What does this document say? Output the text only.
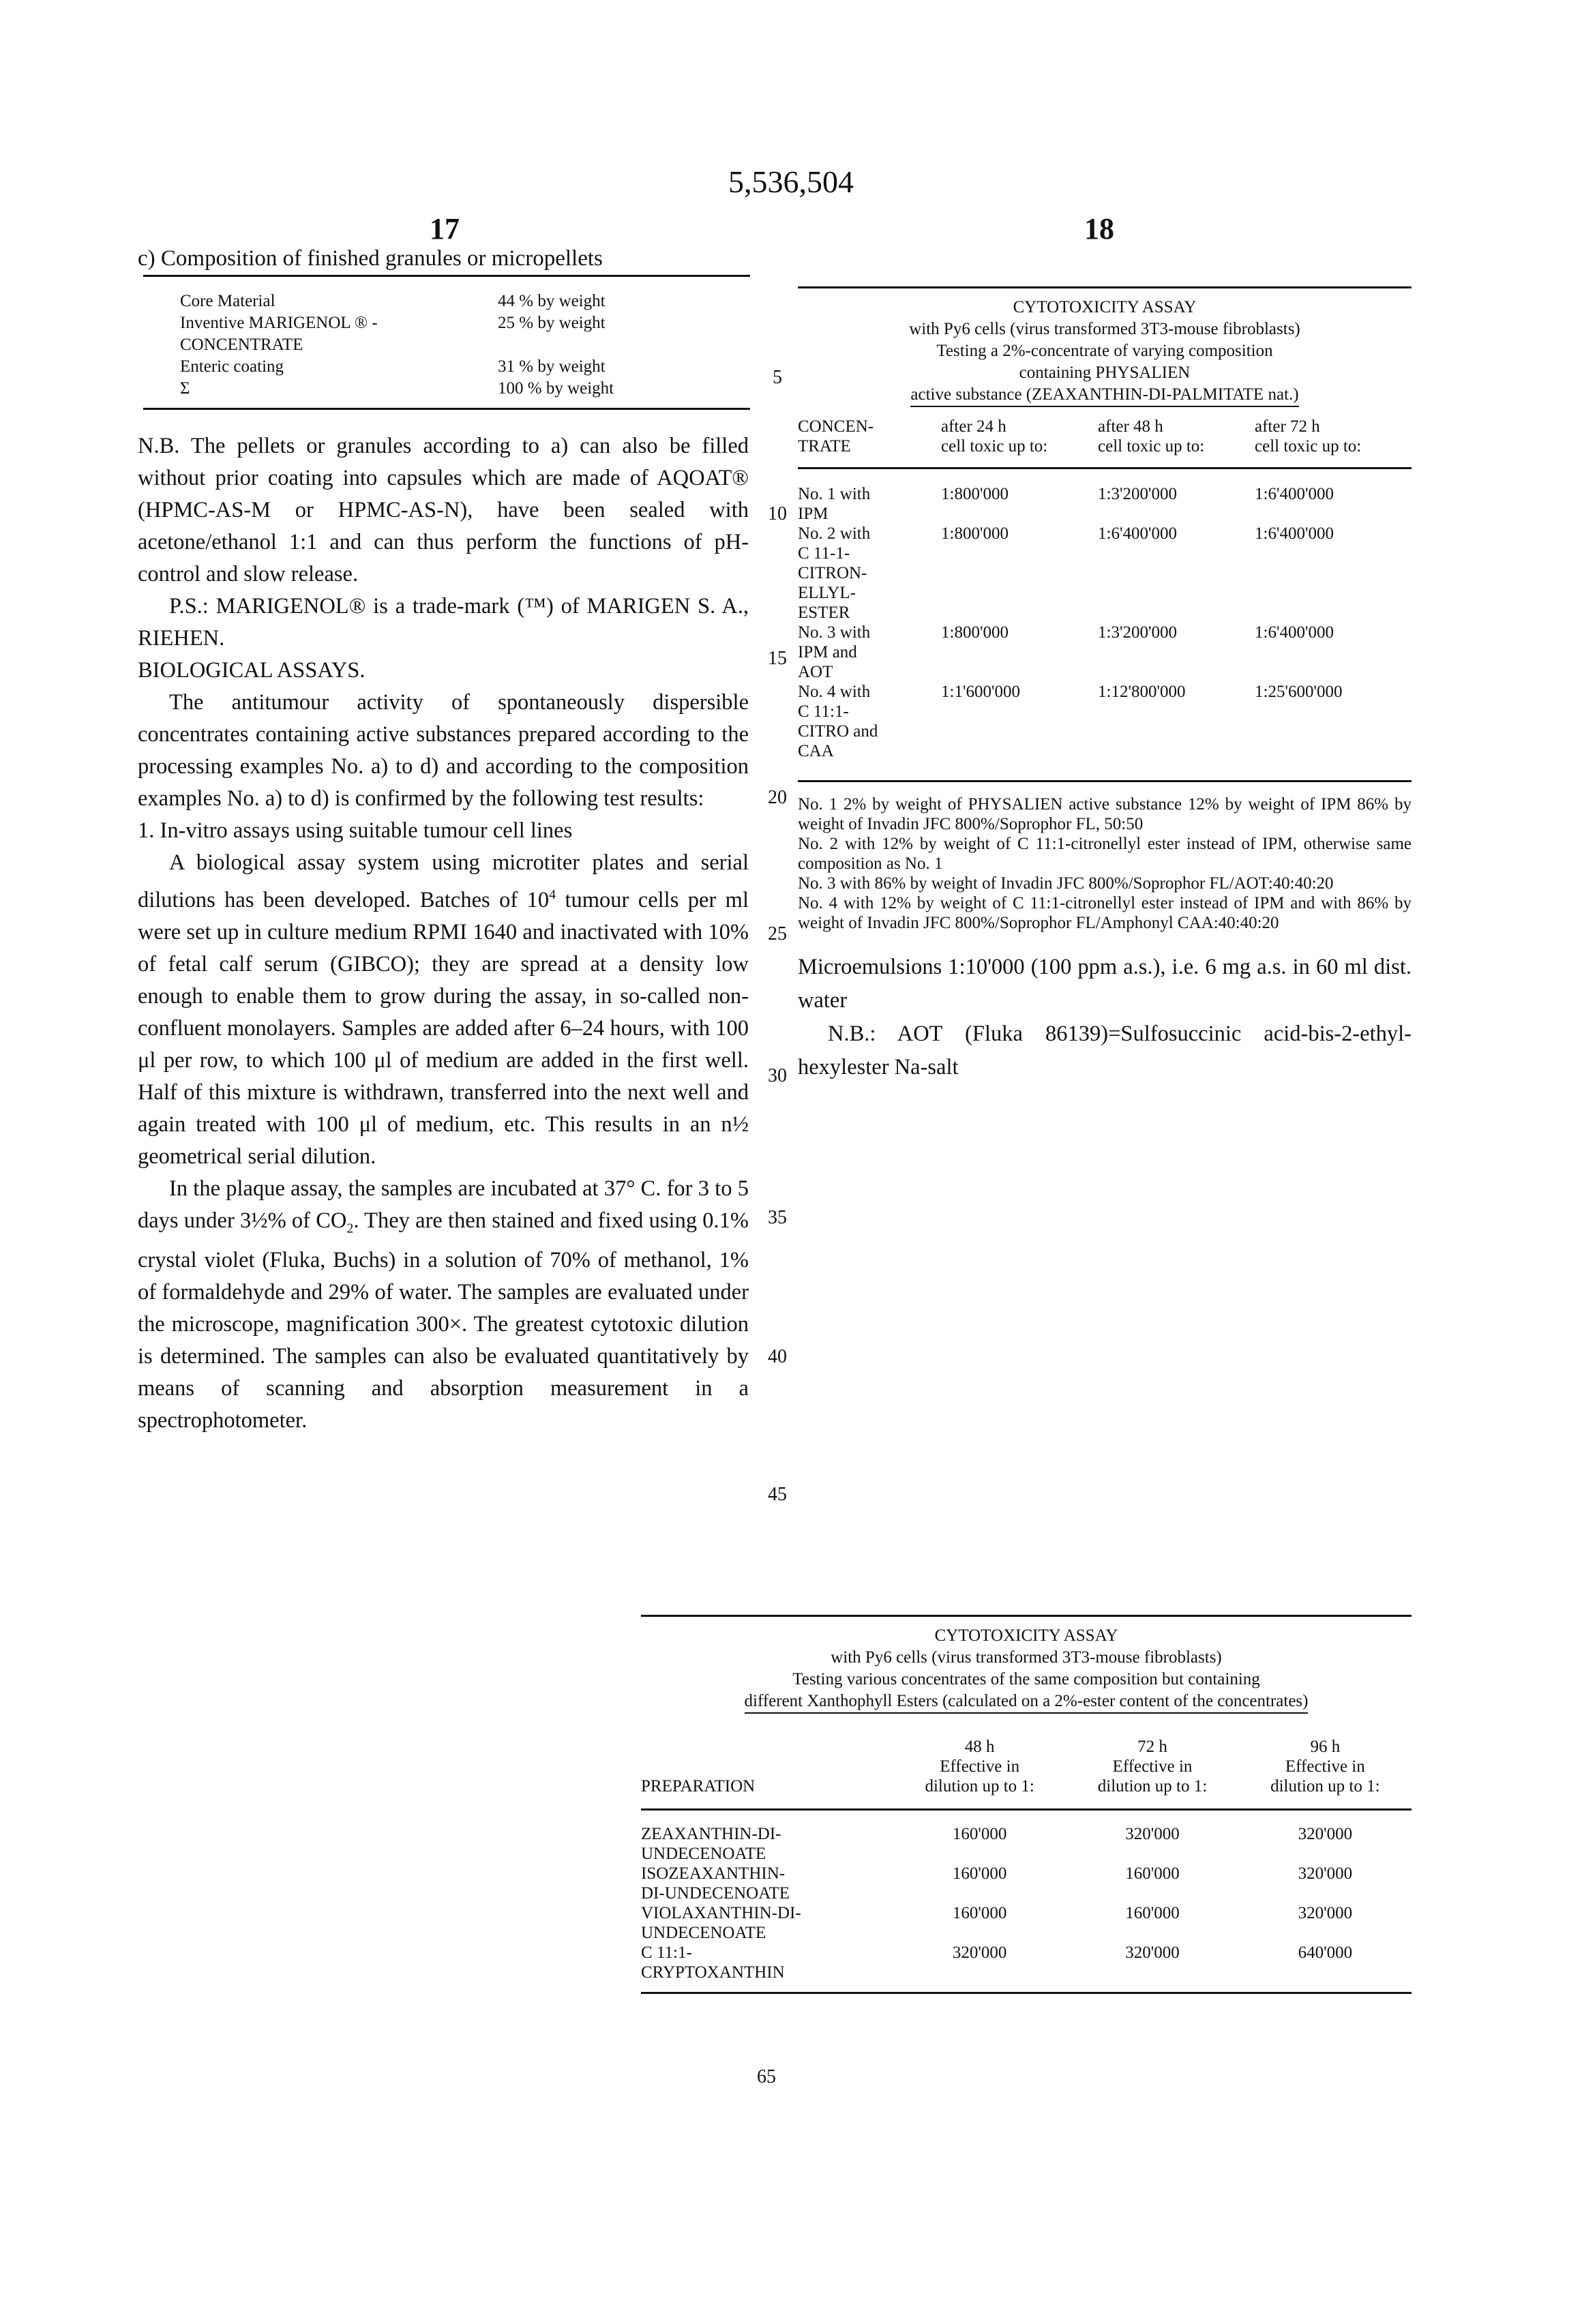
5,536,504
17	18

c) Composition of finished granules or micropellets

Core Material	44 % by weight
Inventive MARIGENOL ® -	25 % by weight
CONCENTRATE
Enteric coating	31 % by weight
Σ	100 % by weight

N.B. The pellets or granules according to a) can also be filled without prior coating into capsules which are made of AQOAT® (HPMC-AS-M or HPMC-AS-N), have been sealed with acetone/ethanol 1:1 and can thus perform the functions of pH-control and slow release.

P.S.: MARIGENOL® is a trade-mark (™) of MARIGEN S. A., RIEHEN.

BIOLOGICAL ASSAYS.

The antitumour activity of spontaneously dispersible concentrates containing active substances prepared according to the processing examples No. a) to d) and according to the composition examples No. a) to d) is confirmed by the following test results:

1. In-vitro assays using suitable tumour cell lines

A biological assay system using microtiter plates and serial dilutions has been developed. Batches of 104 tumour cells per ml were set up in culture medium RPMI 1640 and inactivated with 10% of fetal calf serum (GIBCO); they are spread at a density low enough to enable them to grow during the assay, in so-called non-confluent monolayers. Samples are added after 6–24 hours, with 100 μl per row, to which 100 μl of medium are added in the first well. Half of this mixture is withdrawn, transferred into the next well and again treated with 100 μl of medium, etc. This results in an n½ geometrical serial dilution.

In the plaque assay, the samples are incubated at 37° C. for 3 to 5 days under 3½% of CO2. They are then stained and fixed using 0.1% crystal violet (Fluka, Buchs) in a solution of 70% of methanol, 1% of formaldehyde and 29% of water. The samples are evaluated under the microscope, magnification 300×. The greatest cytotoxic dilution is determined. The samples can also be evaluated quantitatively by means of scanning and absorption measurement in a spectrophotometer.

5
10
15
20
25
30
35
40
45
CYTOTOXICITY ASSAY
with Py6 cells (virus transformed 3T3-mouse fibroblasts)
Testing a 2%-concentrate of varying composition
containing PHYSALIEN
active substance (ZEAXANTHIN-DI-PALMITATE nat.)
CONCEN-
TRATE	after 24 h
cell toxic up to:	after 48 h
cell toxic up to:	after 72 h
cell toxic up to:
No. 1 with
IPM	1:800'000	1:3'200'000	1:6'400'000
No. 2 with
C 11-1-
CITRON-
ELLYL-
ESTER	1:800'000	1:6'400'000	1:6'400'000
No. 3 with
IPM and
AOT	1:800'000	1:3'200'000	1:6'400'000
No. 4 with
C 11:1-
CITRO and
CAA	1:1'600'000	1:12'800'000	1:25'600'000

No. 1 2% by weight of PHYSALIEN active substance 12% by weight of IPM 86% by weight of Invadin JFC 800%/Soprophor FL, 50:50

No. 2 with 12% by weight of C 11:1-citronellyl ester instead of IPM, otherwise same composition as No. 1

No. 3 with 86% by weight of Invadin JFC 800%/Soprophor FL/AOT:40:40:20

No. 4 with 12% by weight of C 11:1-citronellyl ester instead of IPM and with 86% by weight of Invadin JFC 800%/Soprophor FL/Amphonyl CAA:40:40:20

Microemulsions 1:10'000 (100 ppm a.s.), i.e. 6 mg a.s. in 60 ml dist. water

N.B.: AOT (Fluka 86139)=Sulfosuccinic acid-bis-2-ethyl-hexylester Na-salt

CYTOTOXICITY ASSAY
with Py6 cells (virus transformed 3T3-mouse fibroblasts)
Testing various concentrates of the same composition but containing
different Xanthophyll Esters (calculated on a 2%-ester content of the concentrates)
PREPARATION	48 h
Effective in
dilution up to 1:	72 h
Effective in
dilution up to 1:	96 h
Effective in
dilution up to 1:
ZEAXANTHIN-DI-
UNDECENOATE	160'000	320'000	320'000
ISOZEAXANTHIN-
DI-UNDECENOATE	160'000	160'000	320'000
VIOLAXANTHIN-DI-
UNDECENOATE	160'000	160'000	320'000
C 11:1-
CRYPTOXANTHIN	320'000	320'000	640'000
65
